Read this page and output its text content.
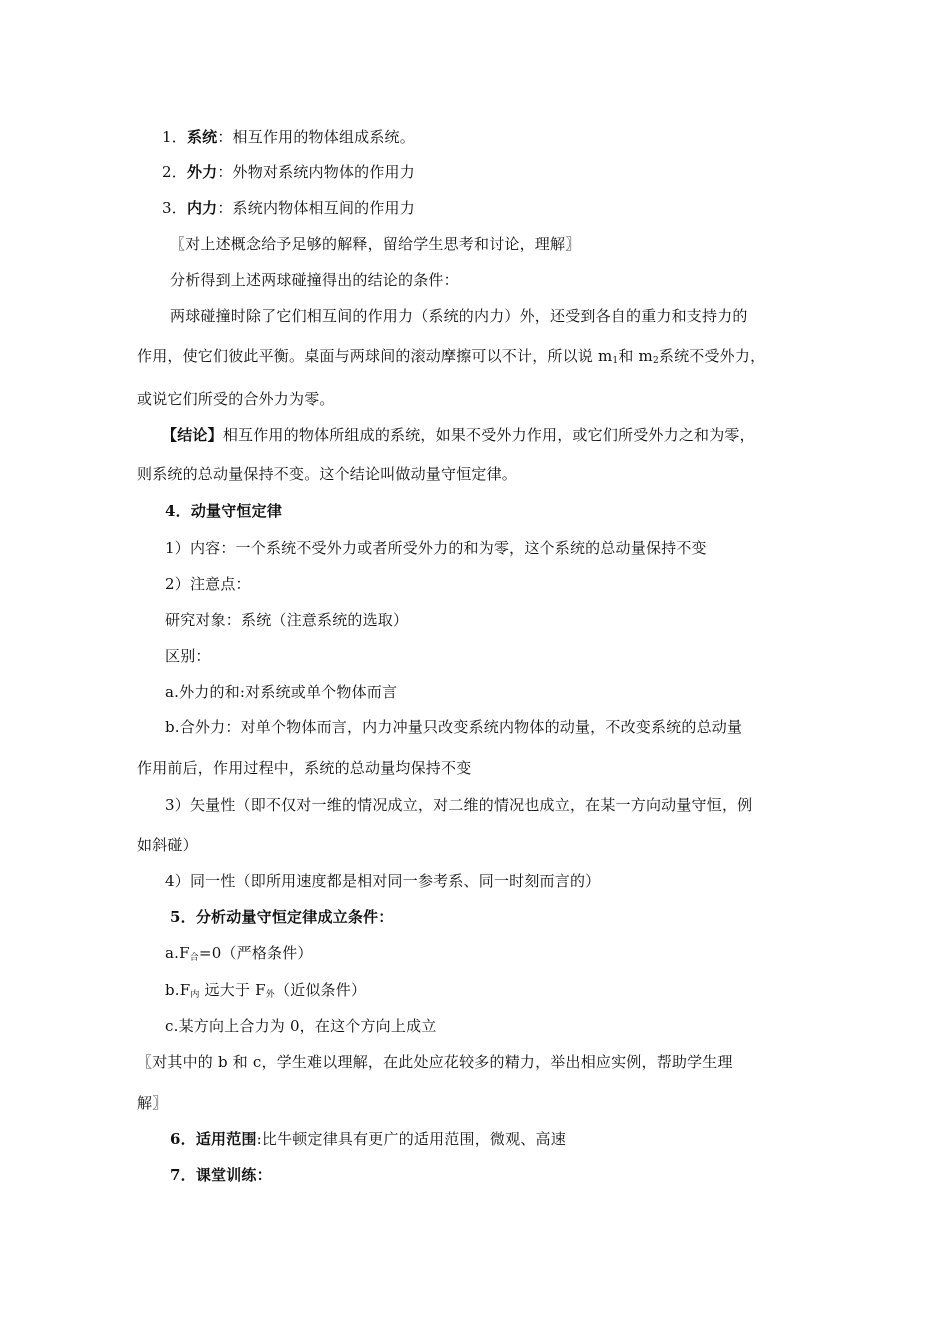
1．系统：相互作用的物体组成系统。
2．外力：外物对系统内物体的作用力
3．内力：系统内物体相互间的作用力
〖对上述概念给予足够的解释，留给学生思考和讨论，理解〗
分析得到上述两球碰撞得出的结论的条件：
两球碰撞时除了它们相互间的作用力（系统的内力）外，还受到各自的重力和支持力的
作用，使它们彼此平衡。桌面与两球间的滚动摩擦可以不计，所以说 $m_1$和 $m_2$系统不受外力，
或说它们所受的合外力为零。
【结论】相互作用的物体所组成的系统，如果不受外力作用，或它们所受外力之和为零，
则系统的总动量保持不变。这个结论叫做动量守恒定律。
4．动量守恒定律
1）内容：一个系统不受外力或者所受外力的和为零，这个系统的总动量保持不变
2）注意点：
研究对象：系统（注意系统的选取）
区别：
a.外力的和:对系统或单个物体而言
b.合外力：对单个物体而言，内力冲量只改变系统内物体的动量，不改变系统的总动量
作用前后，作用过程中，系统的总动量均保持不变
3）矢量性（即不仅对一维的情况成立，对二维的情况也成立，在某一方向动量守恒，例
如斜碰）
4）同一性（即所用速度都是相对同一参考系、同一时刻而言的）
5．分析动量守恒定律成立条件：
$a.F_合=0$（严格条件）
$b.F_内$ 远大于 $F_外$（近似条件）
c.某方向上合力为 0，在这个方向上成立
〖对其中的 b 和 c，学生难以理解，在此处应花较多的精力，举出相应实例，帮助学生理
解〗
6．适用范围:比牛顿定律具有更广的适用范围，微观、高速
7．课堂训练：
